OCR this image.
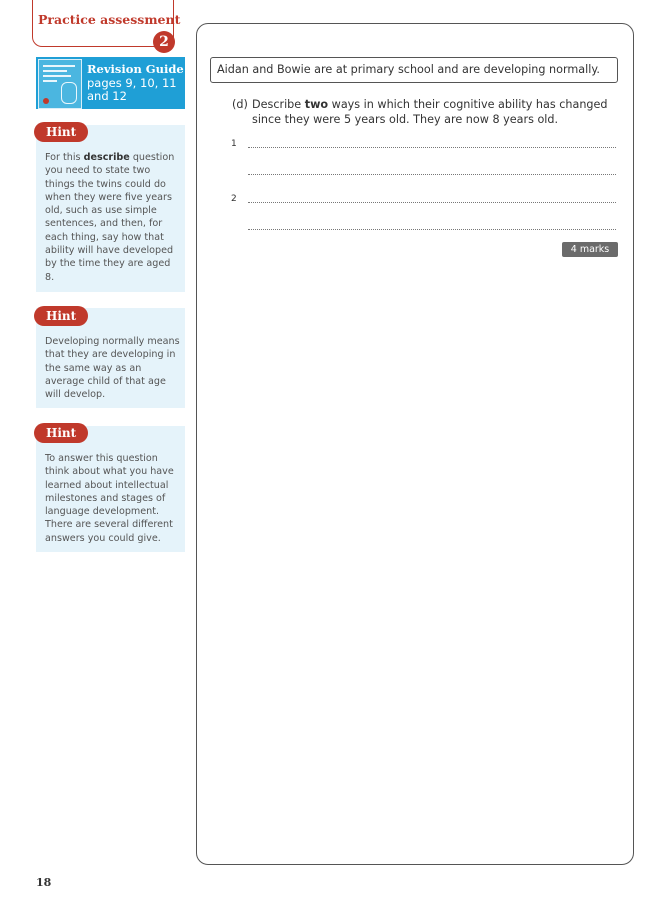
Practice assessment
2
Revision Guide
pages 9, 10, 11 and 12
Hint
For this describe question you need to state two things the twins could do when they were five years old, such as use simple sentences, and then, for each thing, say how that ability will have developed by the time they are aged 8.
Hint
Developing normally means that they are developing in the same way as an average child of that age will develop.
Hint
To answer this question think about what you have learned about intellectual milestones and stages of language development. There are several different answers you could give.
Aidan and Bowie are at primary school and are developing normally.
(d) Describe two ways in which their cognitive ability has changed since they were 5 years old. They are now 8 years old.
1
2
4 marks
18
